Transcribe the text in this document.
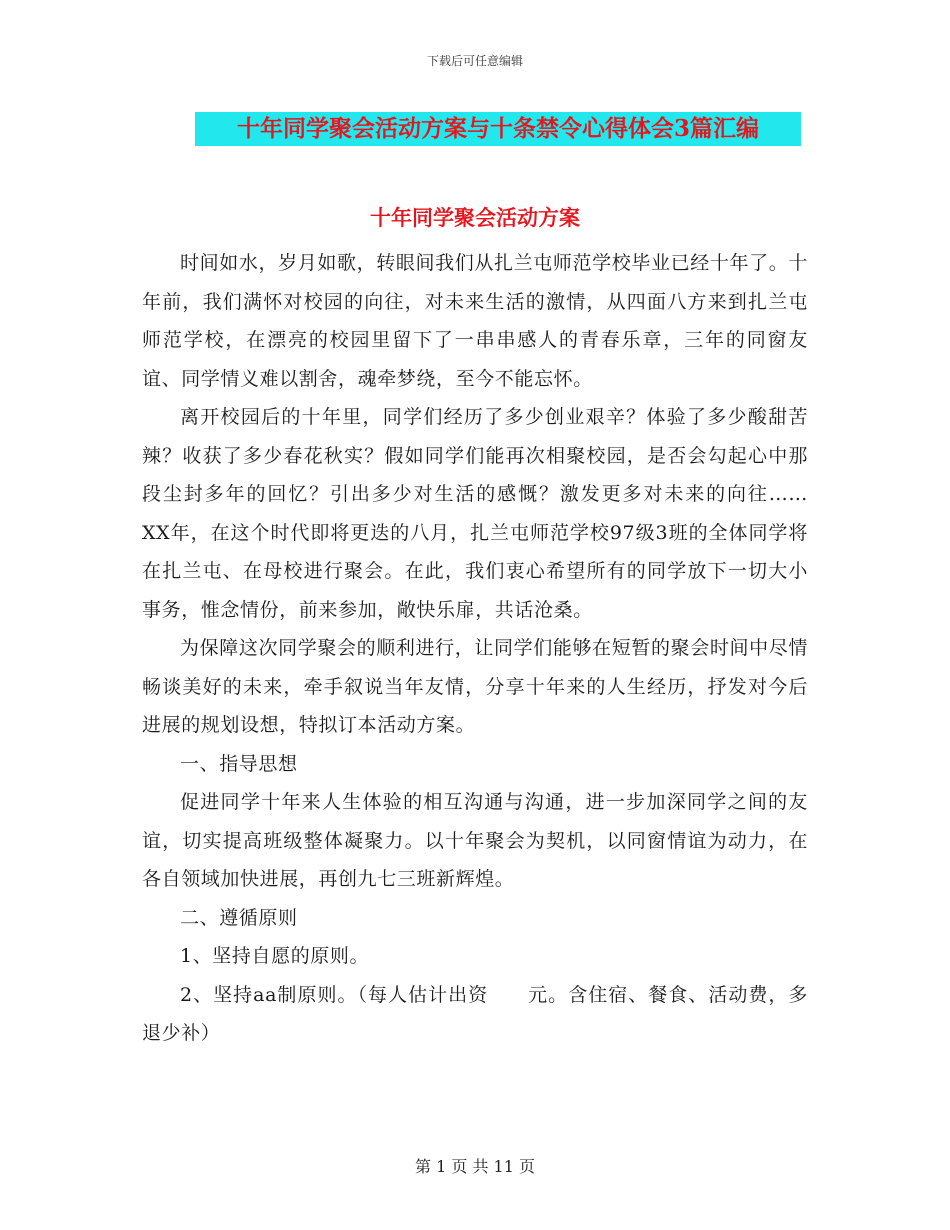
下载后可任意编辑
十年同学聚会活动方案与十条禁令心得体会3篇汇编
十年同学聚会活动方案

时间如水，岁月如歌，转眼间我们从扎兰屯师范学校毕业已经十年了。十年前，我们满怀对校园的向往，对未来生活的激情，从四面八方来到扎兰屯师范学校，在漂亮的校园里留下了一串串感人的青春乐章，三年的同窗友谊、同学情义难以割舍，魂牵梦绕，至今不能忘怀。

离开校园后的十年里，同学们经历了多少创业艰辛？体验了多少酸甜苦辣？收获了多少春花秋实？假如同学们能再次相聚校园，是否会勾起心中那段尘封多年的回忆？引出多少对生活的感慨？激发更多对未来的向往……　　XX年，在这个时代即将更迭的八月，扎兰屯师范学校97级3班的全体同学将在扎兰屯、在母校进行聚会。在此，我们衷心希望所有的同学放下一切大小事务，惟念情份，前来参加，敞快乐扉，共话沧桑。

为保障这次同学聚会的顺利进行，让同学们能够在短暂的聚会时间中尽情畅谈美好的未来，牵手叙说当年友情，分享十年来的人生经历，抒发对今后进展的规划设想，特拟订本活动方案。

一、指导思想

促进同学十年来人生体验的相互沟通与沟通，进一步加深同学之间的友谊，切实提高班级整体凝聚力。以十年聚会为契机，以同窗情谊为动力，在各自领域加快进展，再创九七三班新辉煌。

二、遵循原则

1、坚持自愿的原则。

2、坚持aa制原则。（每人估计出资　　元。含住宿、餐食、活动费，多退少补）

第 1 页 共 11 页
